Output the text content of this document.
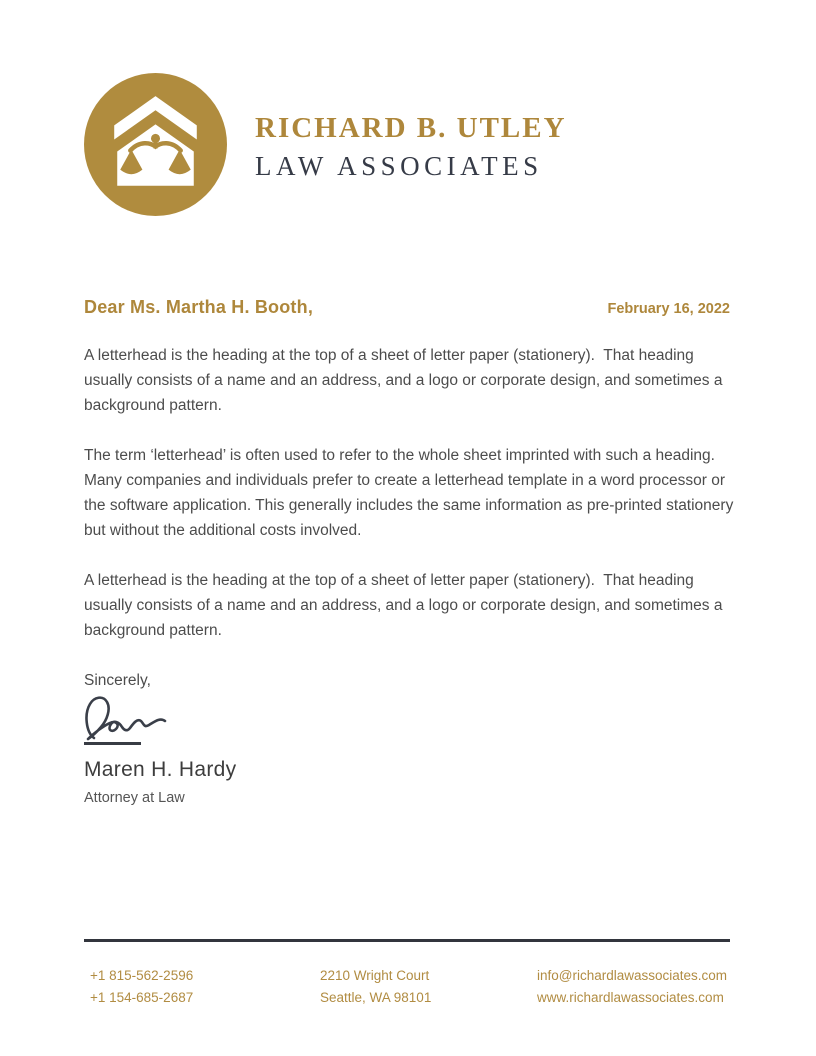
RICHARD B. UTLEY
LAW ASSOCIATES
Dear Ms. Martha H. Booth,	February 16, 2022

A letterhead is the heading at the top of a sheet of letter paper (stationery).  That heading usually consists of a name and an address, and a logo or corporate design, and sometimes a background pattern.

The term ‘letterhead’ is often used to refer to the whole sheet imprinted with such a heading. Many companies and individuals prefer to create a letterhead template in a word processor or the software application. This generally includes the same information as pre-printed stationery but without the additional costs involved.

A letterhead is the heading at the top of a sheet of letter paper (stationery).  That heading usually consists of a name and an address, and a logo or corporate design, and sometimes a background pattern.

Sincerely,

Maren H. Hardy
Attorney at Law
+1 815-562-2596
+1 154-685-2687
2210 Wright Court
Seattle, WA 98101
info@richardlawassociates.com
www.richardlawassociates.com
